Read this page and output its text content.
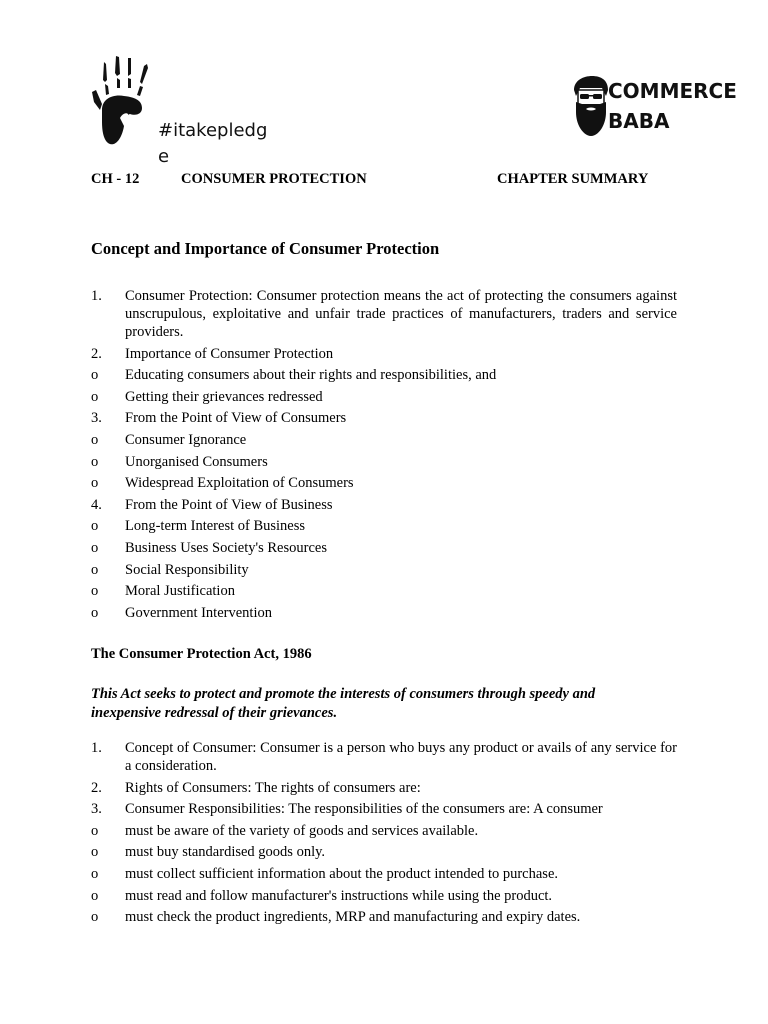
#itakepledge
COMMERCE
BABA
CH - 12	CONSUMER PROTECTION	CHAPTER SUMMARY
Concept and Importance of Consumer Protection
1. Consumer Protection: Consumer protection means the act of protecting the consumers against unscrupulous, exploitative and unfair trade practices of manufacturers, traders and service providers.
2. Importance of Consumer Protection
o Educating consumers about their rights and responsibilities, and
o Getting their grievances redressed
3. From the Point of View of Consumers
o Consumer Ignorance
o Unorganised Consumers
o Widespread Exploitation of Consumers
4. From the Point of View of Business
o Long-term Interest of Business
o Business Uses Society's Resources
o Social Responsibility
o Moral Justification
o Government Intervention
The Consumer Protection Act, 1986
This Act seeks to protect and promote the interests of consumers through speedy and inexpensive redressal of their grievances.
1. Concept of Consumer: Consumer is a person who buys any product or avails of any service for a consideration.
2. Rights of Consumers: The rights of consumers are:
3. Consumer Responsibilities: The responsibilities of the consumers are: A consumer
o must be aware of the variety of goods and services available.
o must buy standardised goods only.
o must collect sufficient information about the product intended to purchase.
o must read and follow manufacturer's instructions while using the product.
o must check the product ingredients, MRP and manufacturing and expiry dates.
